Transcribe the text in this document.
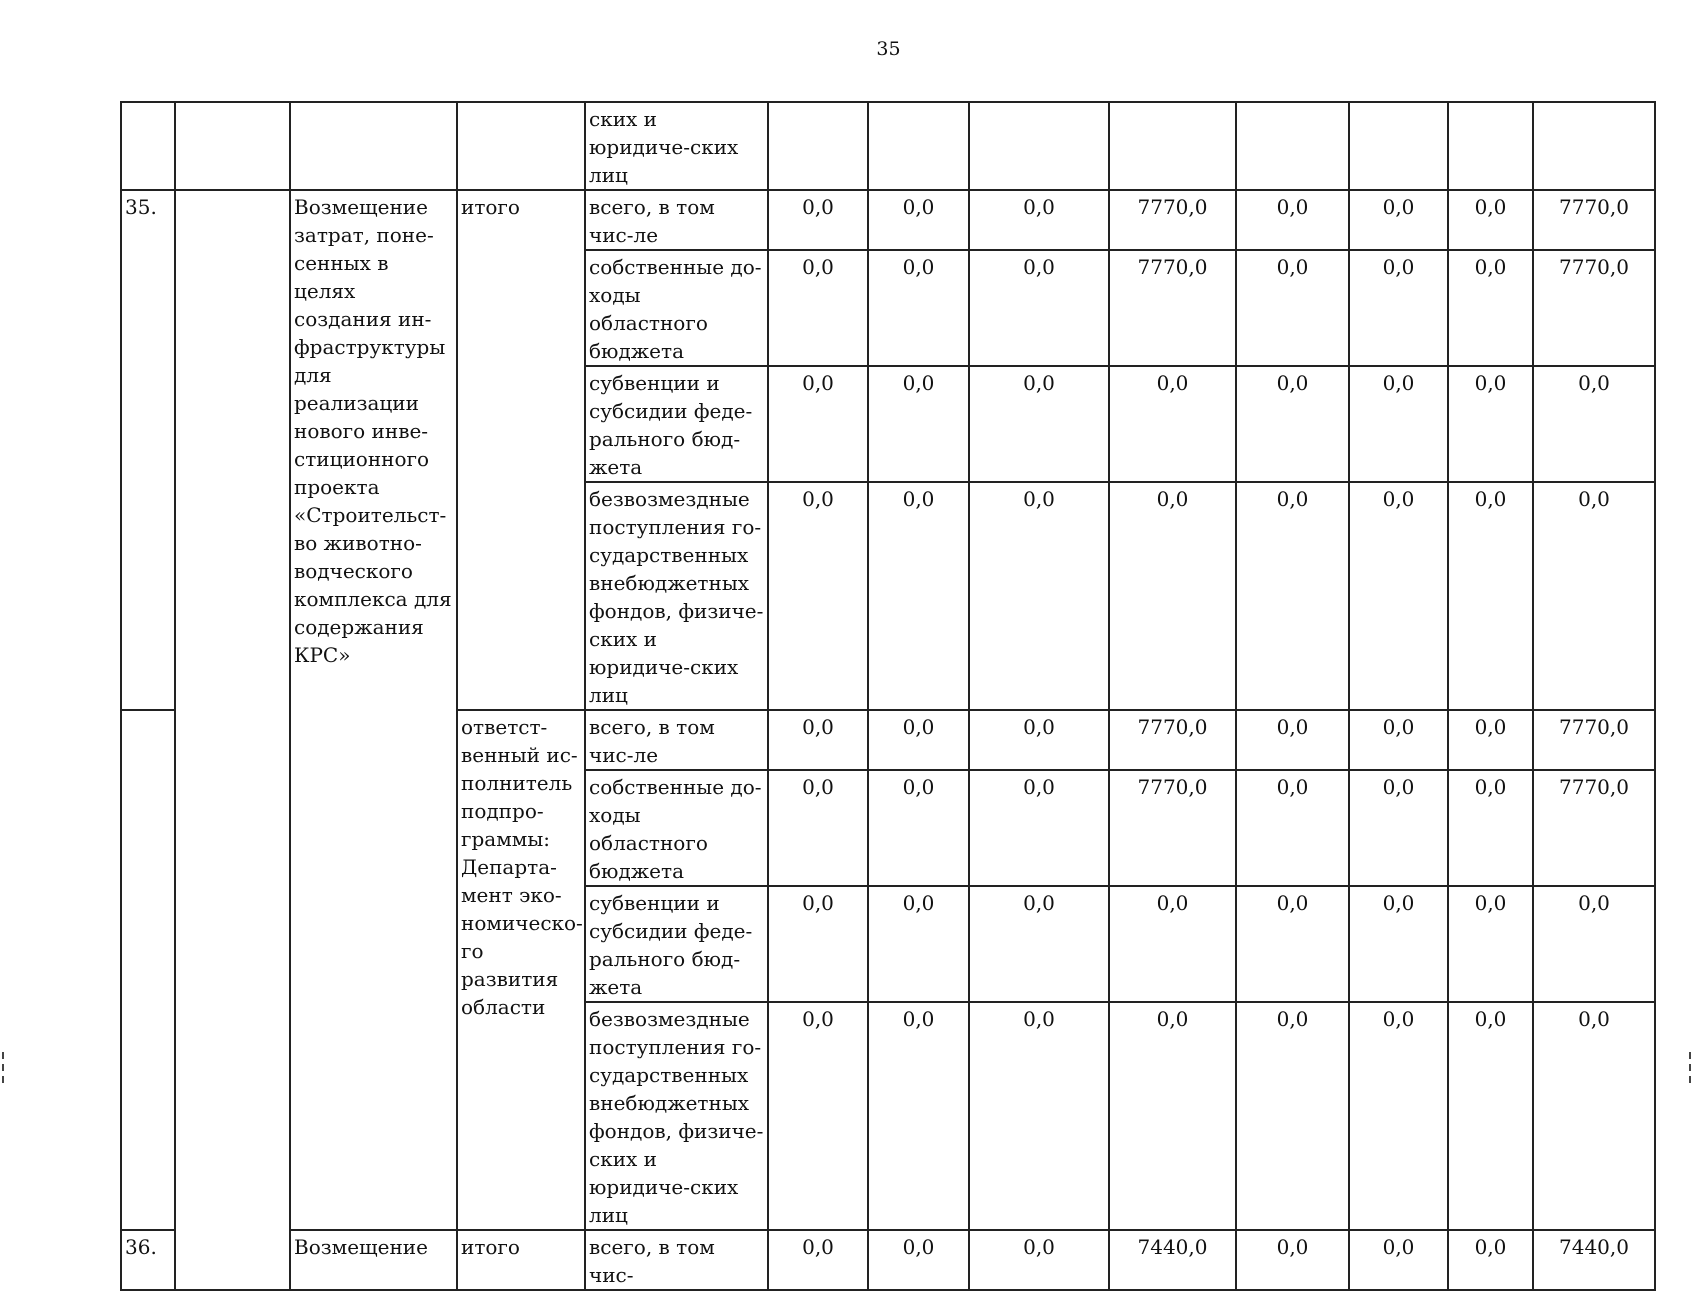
35
				ских и юридиче-ских лиц								
35.		Возмещение затрат, поне-сенных в целях создания ин-фраструктуры для реализации нового инве-стиционного проекта «Строительст-во животно-водческого комплекса для содержания КРС»	итого	всего, в том чис-ле	0,0	0,0	0,0	7770,0	0,0	0,0	0,0	7770,0
				собственные до-ходы областного бюджета	0,0	0,0	0,0	7770,0	0,0	0,0	0,0	7770,0
				субвенции и субсидии феде-рального бюд-жета	0,0	0,0	0,0	0,0	0,0	0,0	0,0	0,0
				безвозмездные поступления го-сударственных внебюджетных фондов, физиче-ских и юридиче-ских лиц	0,0	0,0	0,0	0,0	0,0	0,0	0,0	0,0
			ответст-венный ис-полнитель подпро-граммы: Департа-мент эко-номическо-го развития области	всего, в том чис-ле	0,0	0,0	0,0	7770,0	0,0	0,0	0,0	7770,0
				собственные до-ходы областного бюджета	0,0	0,0	0,0	7770,0	0,0	0,0	0,0	7770,0
				субвенции и субсидии феде-рального бюд-жета	0,0	0,0	0,0	0,0	0,0	0,0	0,0	0,0
				безвозмездные поступления го-сударственных внебюджетных фондов, физиче-ских и юридиче-ских лиц	0,0	0,0	0,0	0,0	0,0	0,0	0,0	0,0
36.		Возмещение	итого	всего, в том чис-	0,0	0,0	0,0	7440,0	0,0	0,0	0,0	7440,0
